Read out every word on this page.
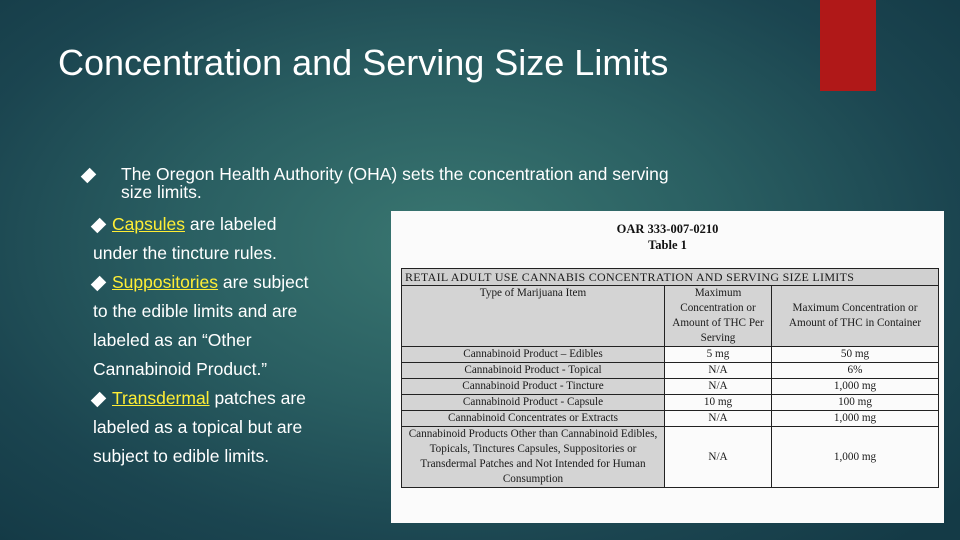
Concentration and Serving Size Limits
The Oregon Health Authority (OHA) sets the concentration and serving
size limits.
Capsules are labeled
under the tincture rules.
Suppositories are subject
to the edible limits and are
labeled as an “Other
Cannabinoid Product.”
Transdermal patches are
labeled as a topical but are
subject to edible limits.
OAR 333-007-0210
Table 1
RETAIL ADULT USE CANNABIS CONCENTRATION AND SERVING SIZE LIMITS		
Type of Marijuana Item	Maximum Concentration or Amount of THC Per Serving	Maximum Concentration or Amount of THC in Container
Cannabinoid Product – Edibles	5 mg	50 mg
Cannabinoid Product - Topical	N/A	6%
Cannabinoid Product - Tincture	N/A	1,000 mg
Cannabinoid Product - Capsule	10 mg	100 mg
Cannabinoid Concentrates or Extracts	N/A	1,000 mg
Cannabinoid Products Other than Cannabinoid Edibles, Topicals, Tinctures Capsules, Suppositories or Transdermal Patches and Not Intended for Human Consumption	N/A	1,000 mg
